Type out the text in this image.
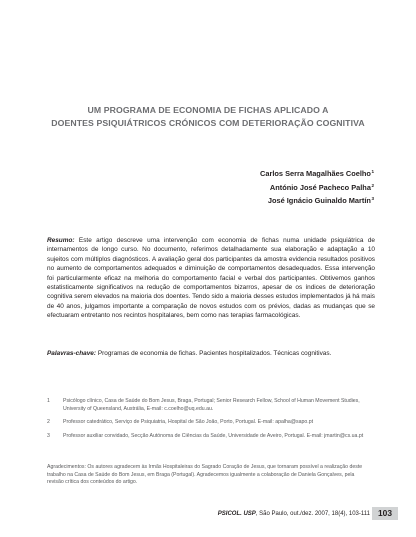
UM PROGRAMA DE ECONOMIA DE FICHAS APLICADO A
DOENTES PSIQUIÁTRICOS CRÓNICOS COM DETERIORAÇÃO COGNITIVA
Carlos Serra Magalhães Coelho$^1$
António José Pacheco Palha$^2$
José Ignácio Guinaldo Martín$^3$
Resumo: Este artigo descreve uma intervenção com economia de fichas numa unidade psiquiátrica de internamentos de longo curso. No documento, referimos detalhadamente sua elaboração e adaptação a 10 sujeitos com múltiplos diagnósticos. A avaliação geral dos participantes da amostra evidencia resultados positivos no aumento de comportamentos adequados e diminuição de comportamentos desadequados. Essa intervenção foi particularmente eficaz na melhoria do comportamento facial e verbal dos participantes. Obtivemos ganhos estatisticamente significativos na redução de comportamentos bizarros, apesar de os índices de deterioração cognitiva serem elevados na maioria dos doentes. Tendo sido a maioria desses estudos implementados já há mais de 40 anos, julgamos importante a comparação de novos estudos com os prévios, dadas as mudanças que se efectuaram entretanto nos recintos hospitalares, bem como nas terapias farmacológicas.
Palavras-chave: Programas de economia de fichas. Pacientes hospitalizados. Técnicas cognitivas.
1	Psicólogo clínico, Casa de Saúde do Bom Jesus, Braga, Portugal; Senior Research Fellow, School of Human Movement Studies, University of Queensland, Austrália, E-mail: c.coelho@uq.edu.au.
2	Professor catedrático, Serviço de Psiquiatria, Hospital de São João, Porto, Portugal. E-mail: apalha@sapo.pt
3	Professor auxiliar convidado, Secção Autónoma de Ciências da Saúde, Universidade de Aveiro, Portugal. E-mail: jmartin@cs.ua.pt
Agradecimentos: Os autores agradecem às Irmãs Hospitaleiras do Sagrado Coração de Jesus, que tornaram possível a realização deste trabalho na Casa de Saúde do Bom Jesus, em Braga (Portugal). Agradecemos igualmente a colaboração de Daniela Gonçalves, pela revisão crítica dos conteúdos do artigo.
PSICOL. USP, São Paulo, out./dez. 2007, 18(4), 103-111 103
